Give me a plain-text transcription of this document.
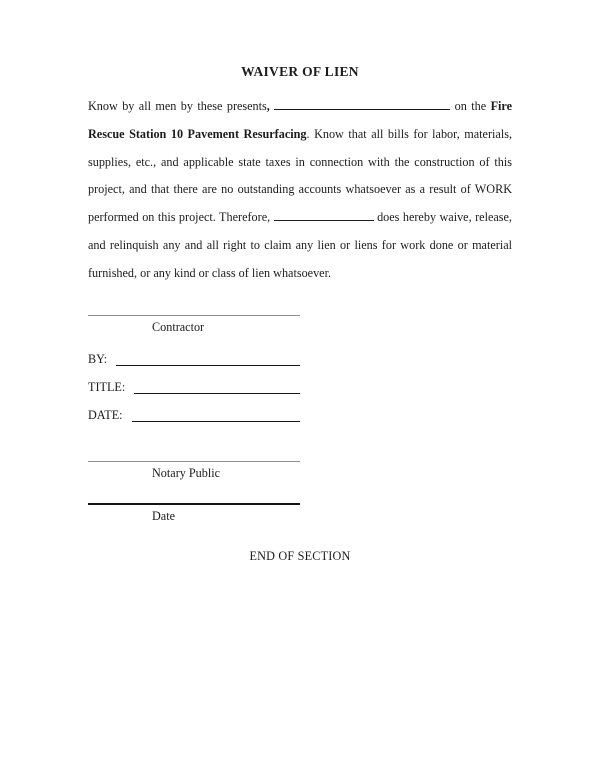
WAIVER OF LIEN
Know by all men by these presents,	on the Fire Rescue Station 10 Pavement Resurfacing. Know that all bills for labor, materials, supplies, etc., and applicable state taxes in connection with the construction of this project, and that there are no outstanding accounts whatsoever as a result of WORK performed on this project. Therefore,	does hereby waive, release, and relinquish any and all right to claim any lien or liens for work done or material furnished, or any kind or class of lien whatsoever.
Contractor
BY:
TITLE:
DATE:
Notary Public
Date
END OF SECTION
